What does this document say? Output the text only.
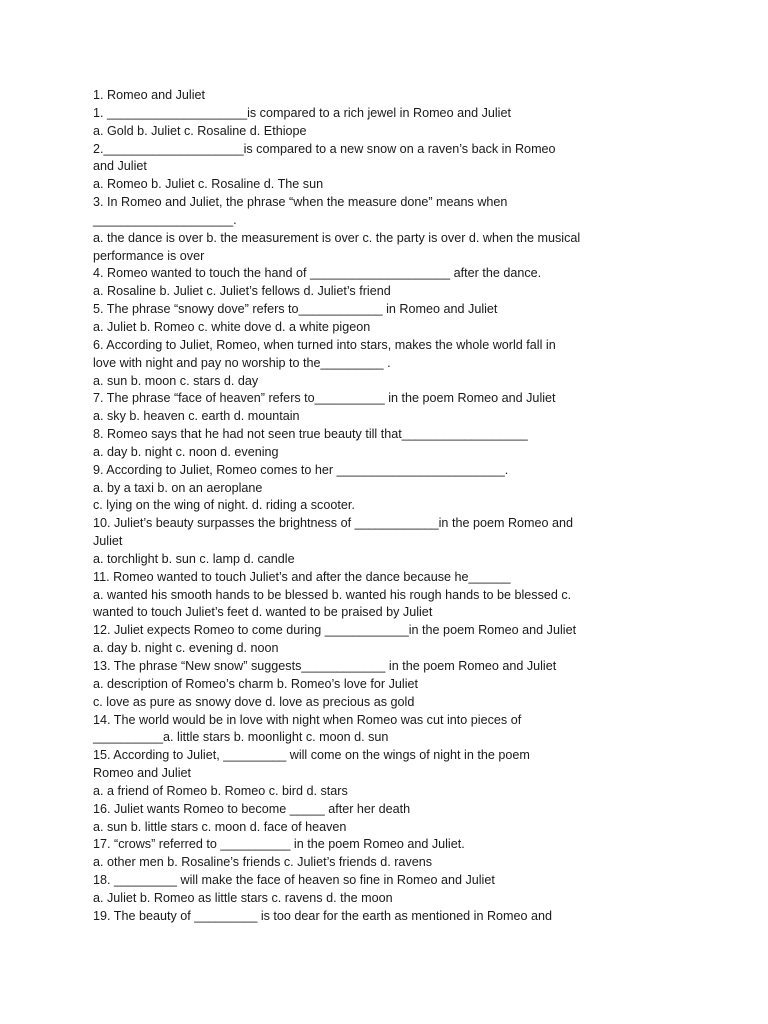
1. Romeo and Juliet
1. ____________________is compared to a rich jewel in Romeo and Juliet
a. Gold b. Juliet c. Rosaline d. Ethiope
2.____________________is compared to a new snow on a raven’s back in Romeo
and Juliet
a. Romeo b. Juliet c. Rosaline d. The sun
3. In Romeo and Juliet, the phrase “when the measure done” means when
____________________.
a. the dance is over b. the measurement is over c. the party is over d. when the musical
performance is over
4. Romeo wanted to touch the hand of ____________________ after the dance.
a. Rosaline b. Juliet c. Juliet’s fellows d. Juliet’s friend
5. The phrase “snowy dove” refers to____________ in Romeo and Juliet
a. Juliet b. Romeo c. white dove d. a white pigeon
6. According to Juliet, Romeo, when turned into stars, makes the whole world fall in
love with night and pay no worship to the_________ .
a. sun b. moon c. stars d. day
7. The phrase “face of heaven” refers to__________ in the poem Romeo and Juliet
a. sky b. heaven c. earth d. mountain
8. Romeo says that he had not seen true beauty till that__________________
a. day b. night c. noon d. evening
9. According to Juliet, Romeo comes to her ________________________.
a. by a taxi b. on an aeroplane
c. lying on the wing of night. d. riding a scooter.
10. Juliet’s beauty surpasses the brightness of ____________in the poem Romeo and
Juliet
a. torchlight b. sun c. lamp d. candle
11. Romeo wanted to touch Juliet’s and after the dance because he______
a. wanted his smooth hands to be blessed b. wanted his rough hands to be blessed c.
wanted to touch Juliet’s feet d. wanted to be praised by Juliet
12. Juliet expects Romeo to come during ____________in the poem Romeo and Juliet
a. day b. night c. evening d. noon
13. The phrase “New snow” suggests____________ in the poem Romeo and Juliet
a. description of Romeo’s charm b. Romeo’s love for Juliet
c. love as pure as snowy dove d. love as precious as gold
14. The world would be in love with night when Romeo was cut into pieces of
__________a. little stars b. moonlight c. moon d. sun
15. According to Juliet, _________ will come on the wings of night in the poem
Romeo and Juliet
a. a friend of Romeo b. Romeo c. bird d. stars
16. Juliet wants Romeo to become _____ after her death
a. sun b. little stars c. moon d. face of heaven
17. “crows” referred to __________ in the poem Romeo and Juliet.
a. other men b. Rosaline’s friends c. Juliet’s friends d. ravens
18. _________ will make the face of heaven so fine in Romeo and Juliet
a. Juliet b. Romeo as little stars c. ravens d. the moon
19. The beauty of _________ is too dear for the earth as mentioned in Romeo and
